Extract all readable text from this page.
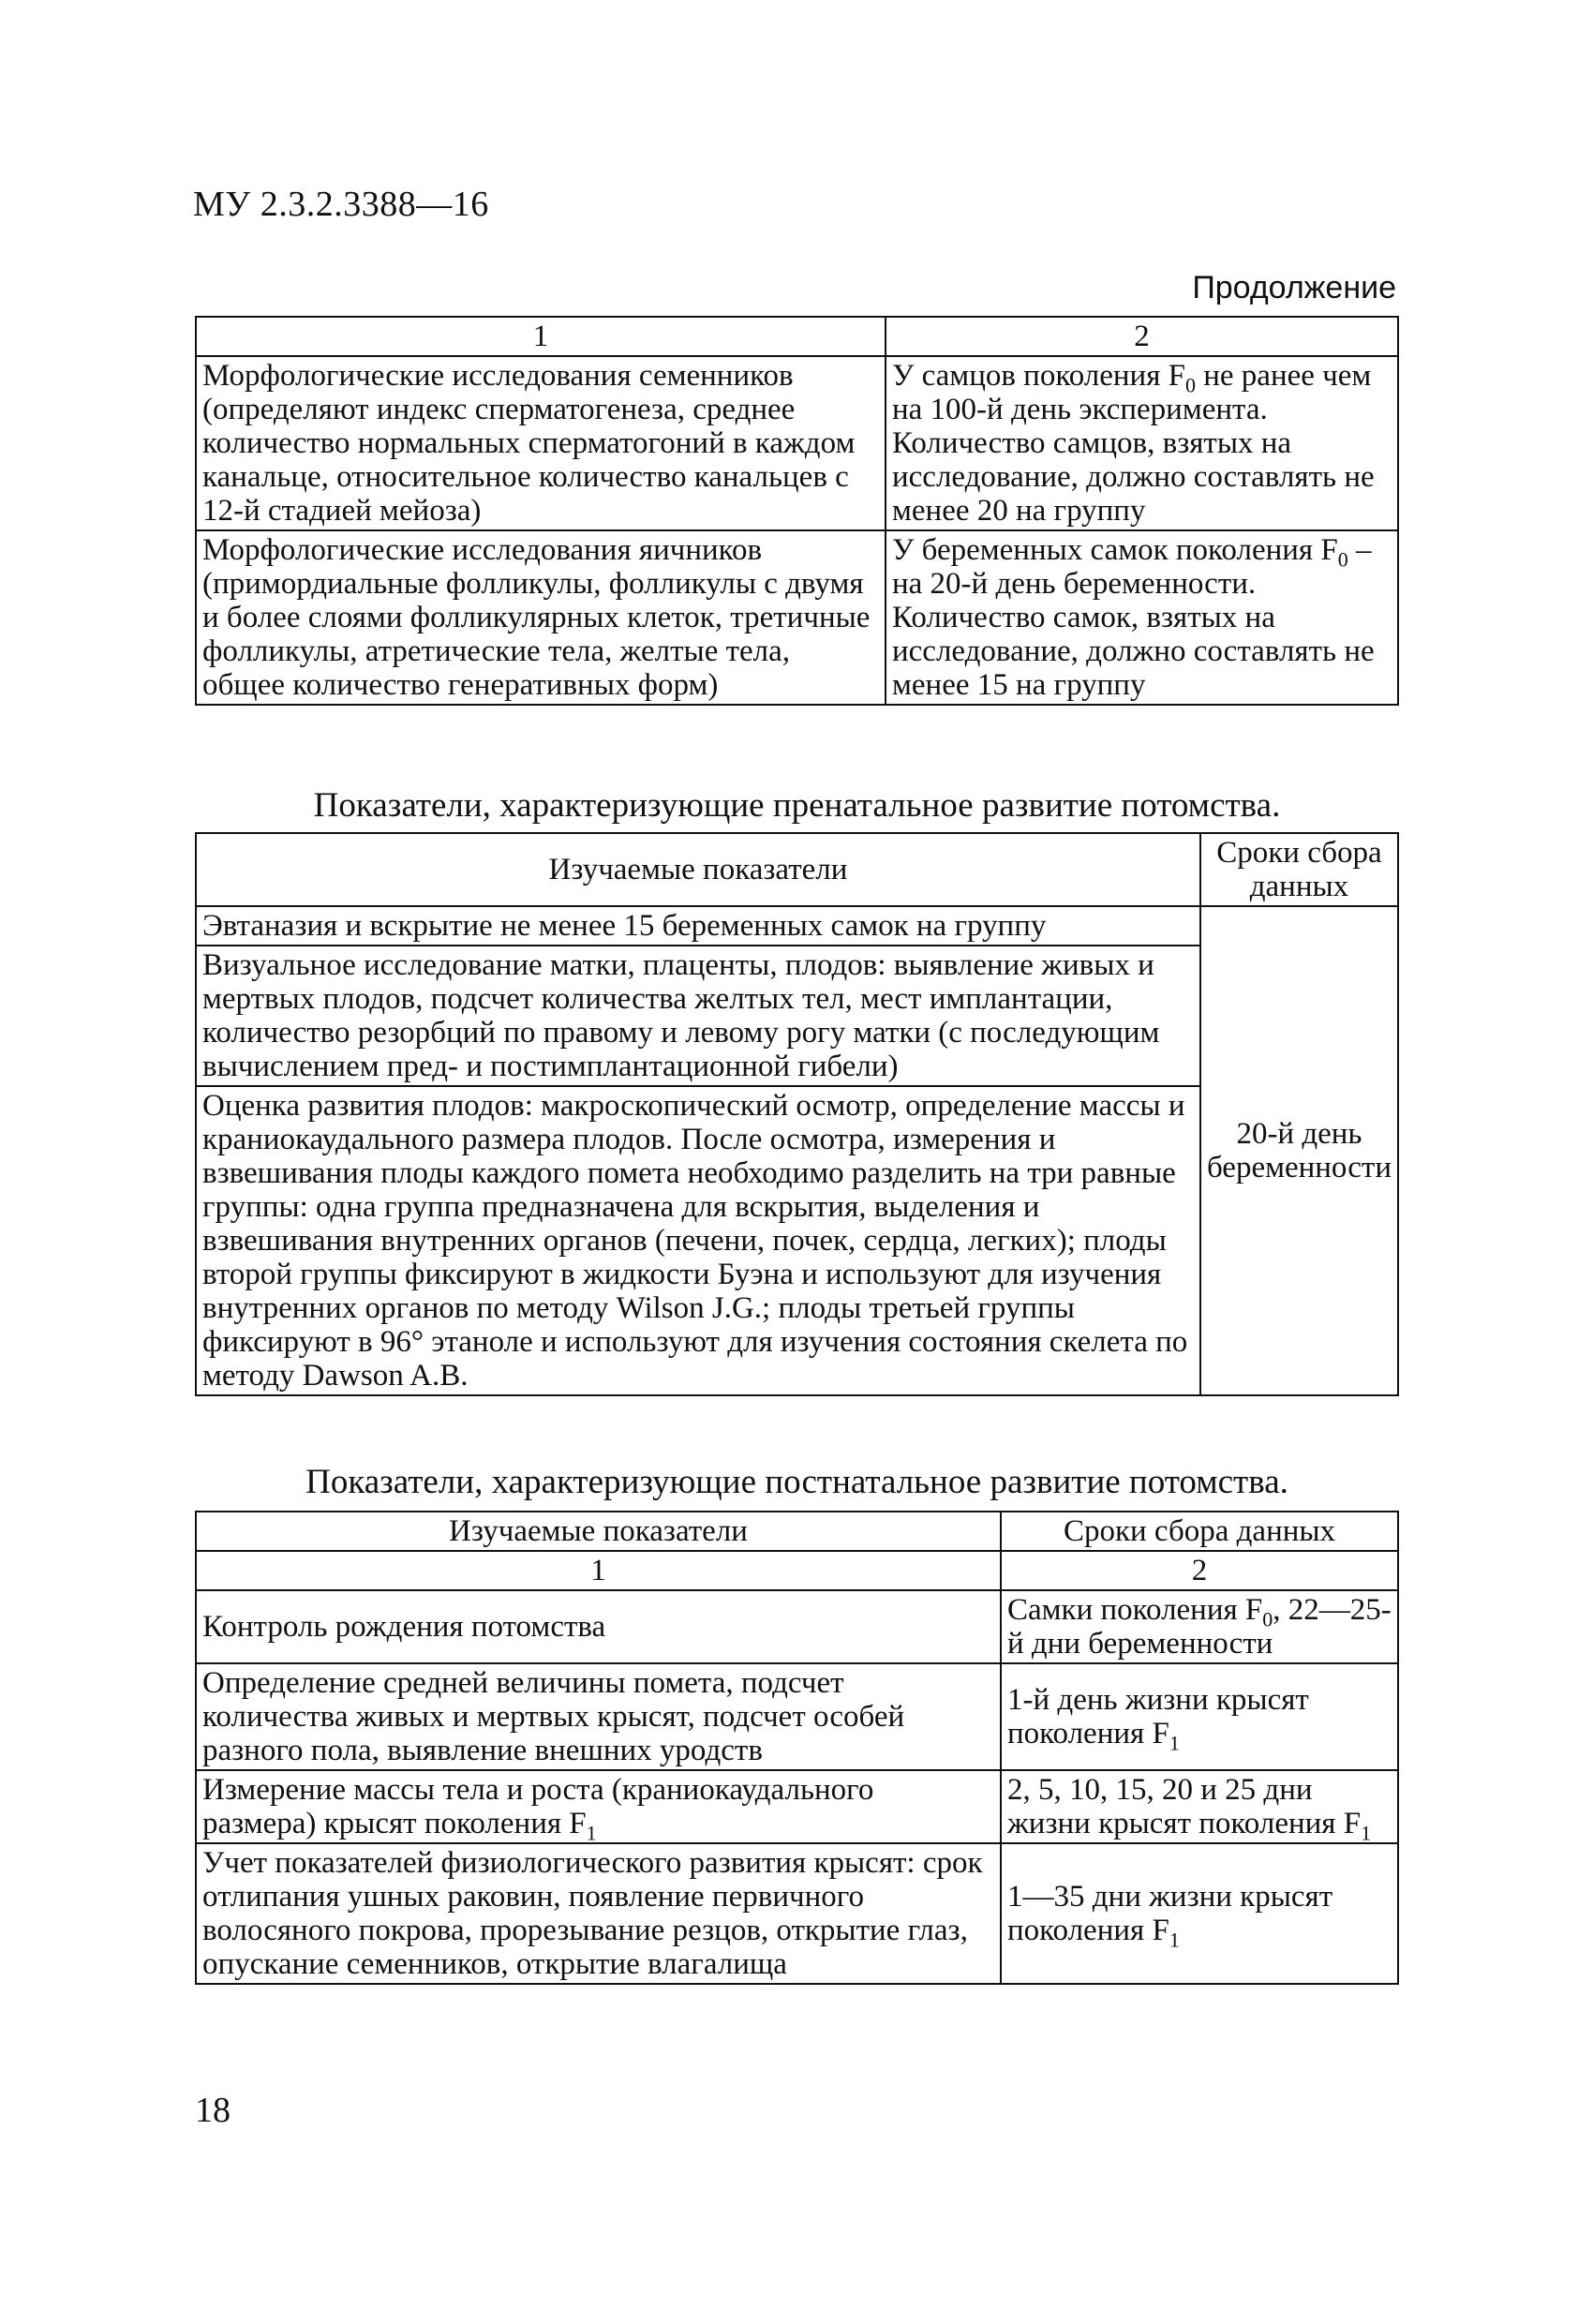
МУ 2.3.2.3388—16
Продолжение
1	2
Морфологические исследования семенников (определяют индекс сперматогенеза, среднее количество нормальных сперматогоний в каждом канальце, относительное количество канальцев с 12-й стадией мейоза)	У самцов поколения $F_0$ не ранее чем на 100-й день эксперимента. Количество самцов, взятых на исследование, должно составлять не менее 20 на группу
Морфологические исследования яичников (примордиальные фолликулы, фолликулы с двумя и более слоями фолликулярных клеток, третичные фолликулы, атретические тела, желтые тела, общее количество генеративных форм)	У беременных самок поколения $F_0$ – на 20-й день беременности. Количество самок, взятых на исследование, должно составлять не менее 15 на группу
Показатели, характеризующие пренатальное развитие потомства.
Изучаемые показатели	Сроки сбора данных
Эвтаназия и вскрытие не менее 15 беременных самок на группу	20-й день беременности
Визуальное исследование матки, плаценты, плодов: выявление живых и мертвых плодов, подсчет количества желтых тел, мест имплантации, количество резорбций по правому и левому рогу матки (с последующим вычислением пред- и постимплантационной гибели)	
Оценка развития плодов: макроскопический осмотр, определение массы и краниокаудального размера плодов. После осмотра, измерения и взвешивания плоды каждого помета необходимо разделить на три равные группы: одна группа предназначена для вскрытия, выделения и взвешивания внутренних органов (печени, почек, сердца, легких); плоды второй группы фиксируют в жидкости Буэна и используют для изучения внутренних органов по методу Wilson J.G.; плоды третьей группы фиксируют в 96° этаноле и используют для изучения состояния скелета по методу Dawson A.B.	
Показатели, характеризующие постнатальное развитие потомства.
Изучаемые показатели	Сроки сбора данных
1	2
Контроль рождения потомства	Самки поколения $F_0$, 22—25-й дни беременности
Определение средней величины помета, подсчет количества живых и мертвых крысят, подсчет особей разного пола, выявление внешних уродств	1-й день жизни крысят поколения $F_1$
Измерение массы тела и роста (краниокаудального размера) крысят поколения $F_1$	2, 5, 10, 15, 20 и 25 дни жизни крысят поколения $F_1$
Учет показателей физиологического развития крысят: срок отлипания ушных раковин, появление первичного волосяного покрова, прорезывание резцов, открытие глаз, опускание семенников, открытие влагалища	1—35 дни жизни крысят поколения $F_1$
18
